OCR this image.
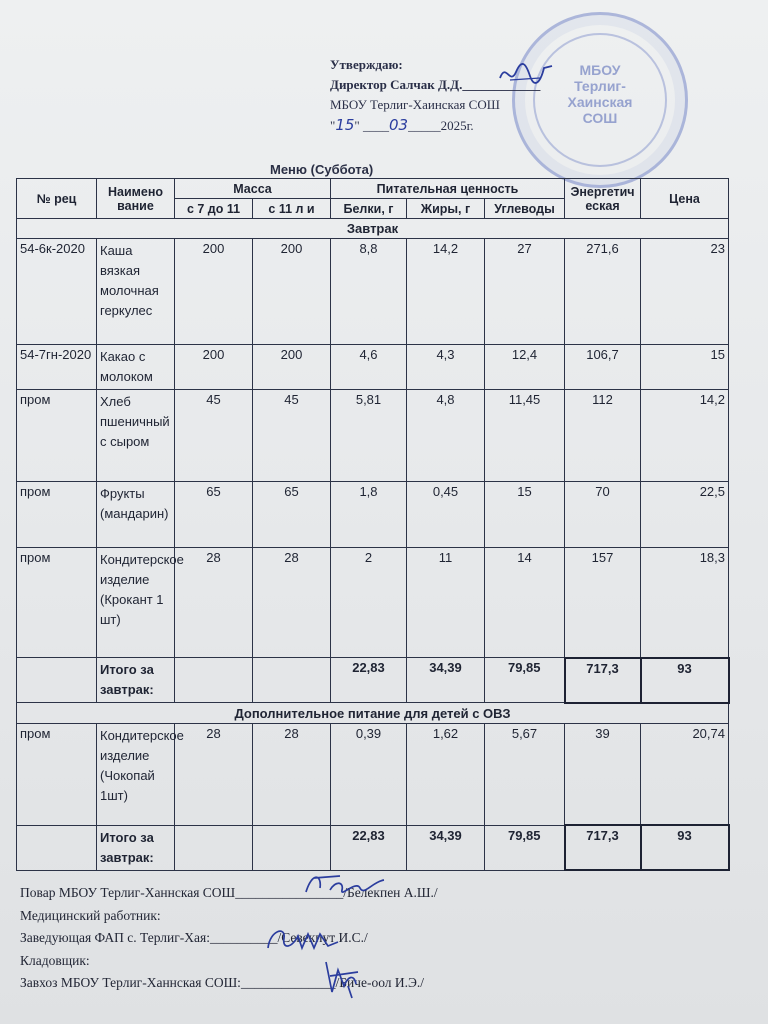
МБОУ Терлиг-Хаинская СОШ
Утверждаю:
Директор Салчак Д.Д.____________
МБОУ Терлиг-Хаинская СОШ
"15" ____03_____2025г.
Меню (Суббота)
№ рец	Наимено вание	Масса		Питательная ценность			Энергетич еская	Цена
		с 7 до 11	с 11 л и	Белки, г	Жиры, г	Углеводы		
Завтрак								
54-6к-2020	Каша вязкая молочная геркулес	200	200	8,8	14,2	27	271,6	23
54-7гн-2020	Какао с молоком	200	200	4,6	4,3	12,4	106,7	15
пром	Хлеб пшеничный с сыром	45	45	5,81	4,8	11,45	112	14,2
пром	Фрукты (мандарин)	65	65	1,8	0,45	15	70	22,5
пром	Кондитерское изделие (Крокант 1 шт)	28	28	2	11	14	157	18,3
	Итого за завтрак:			22,83	34,39	79,85	717,3	93
Дополнительное питание для детей с ОВЗ								
пром	Кондитерское изделие (Чокопай 1шт)	28	28	0,39	1,62	5,67	39	20,74
	Итого за завтрак:			22,83	34,39	79,85	717,3	93
Повар МБОУ Терлиг-Ханнская СОШ________________/Белекпен А.Ш./
Медицинский работник:
Заведующая ФАП с. Терлиг-Хая:__________/Севекпут И.С./
Кладовщик:
Завхоз МБОУ Терлиг-Ханнская СОШ:______________/Биче-оол И.Э./
